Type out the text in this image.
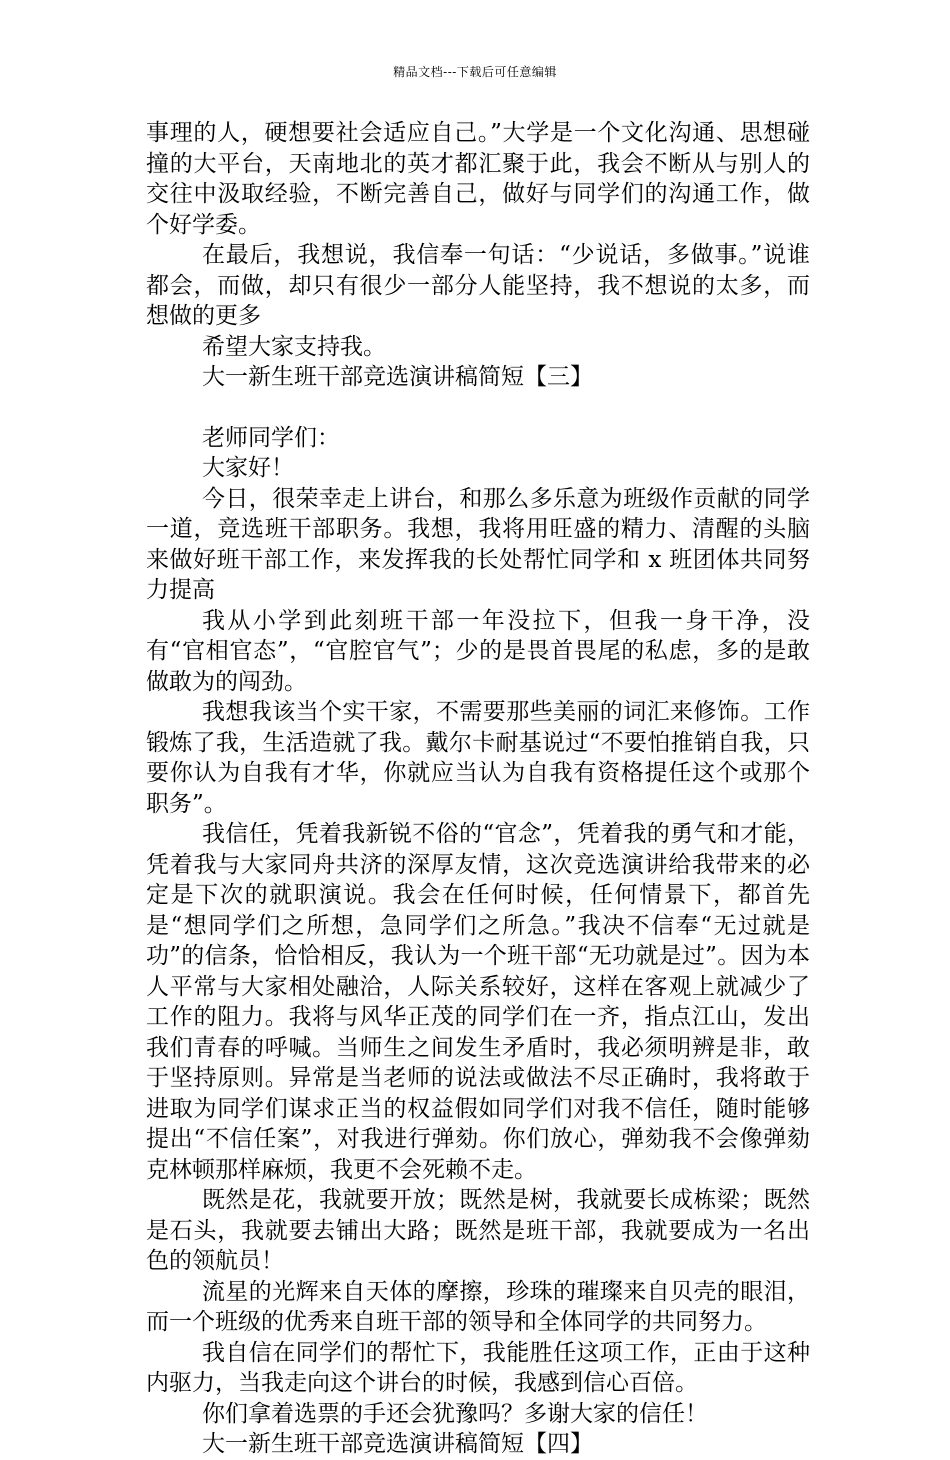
精品文档---下载后可任意编辑

事理的人，硬想要社会适应自己。”大学是一个文化沟通、思想碰撞的大平台，天南地北的英才都汇聚于此，我会不断从与别人的交往中汲取经验，不断完善自己，做好与同学们的沟通工作，做个好学委。

在最后，我想说，我信奉一句话：“少说话，多做事。”说谁都会，而做，却只有很少一部分人能坚持，我不想说的太多，而想做的更多

希望大家支持我。

大一新生班干部竞选演讲稿简短【三】

老师同学们：

大家好！

今日，很荣幸走上讲台，和那么多乐意为班级作贡献的同学一道，竞选班干部职务。我想，我将用旺盛的精力、清醒的头脑来做好班干部工作，来发挥我的长处帮忙同学和 x 班团体共同努力提高

我从小学到此刻班干部一年没拉下，但我一身干净，没有“官相官态”，“官腔官气”；少的是畏首畏尾的私虑，多的是敢做敢为的闯劲。

我想我该当个实干家，不需要那些美丽的词汇来修饰。工作锻炼了我，生活造就了我。戴尔卡耐基说过“不要怕推销自我，只要你认为自我有才华，你就应当认为自我有资格提任这个或那个职务”。

我信任，凭着我新锐不俗的“官念”，凭着我的勇气和才能，凭着我与大家同舟共济的深厚友情，这次竞选演讲给我带来的必定是下次的就职演说。我会在任何时候，任何情景下，都首先是“想同学们之所想，急同学们之所急。”我决不信奉“无过就是功”的信条，恰恰相反，我认为一个班干部“无功就是过”。因为本人平常与大家相处融洽，人际关系较好，这样在客观上就减少了工作的阻力。我将与风华正茂的同学们在一齐，指点江山，发出我们青春的呼喊。当师生之间发生矛盾时，我必须明辨是非，敢于坚持原则。异常是当老师的说法或做法不尽正确时，我将敢于进取为同学们谋求正当的权益假如同学们对我不信任，随时能够提出“不信任案”，对我进行弹劾。你们放心，弹劾我不会像弹劾克林顿那样麻烦，我更不会死赖不走。

既然是花，我就要开放；既然是树，我就要长成栋梁；既然是石头，我就要去铺出大路；既然是班干部，我就要成为一名出色的领航员！

流星的光辉来自天体的摩擦，珍珠的璀璨来自贝壳的眼泪，而一个班级的优秀来自班干部的领导和全体同学的共同努力。

我自信在同学们的帮忙下，我能胜任这项工作，正由于这种内驱力，当我走向这个讲台的时候，我感到信心百倍。

你们拿着选票的手还会犹豫吗？多谢大家的信任！

大一新生班干部竞选演讲稿简短【四】
